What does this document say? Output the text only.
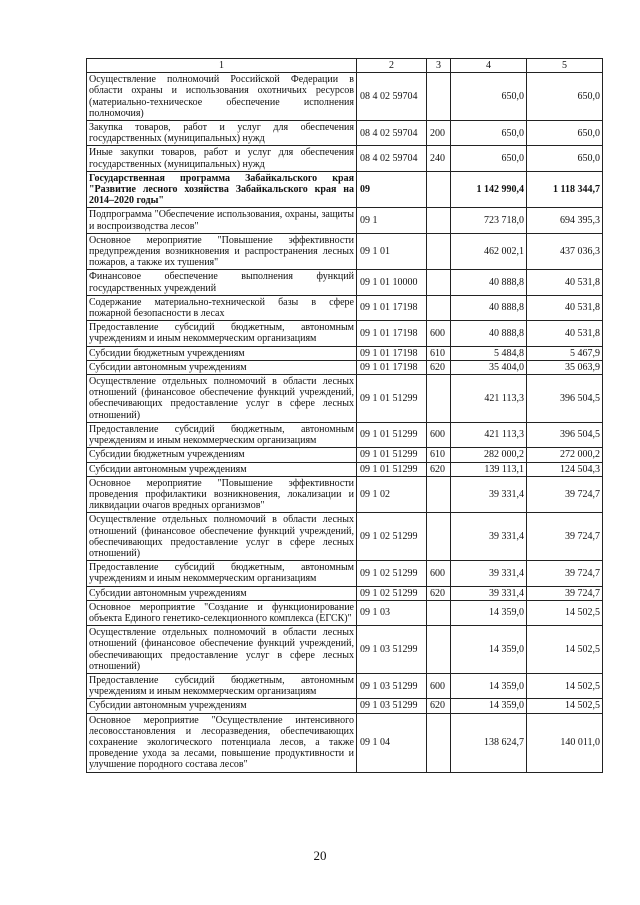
1	2	3	4	5
Осуществление полномочий Российской Федерации в области охраны и использования охотничьих ресурсов (материально-техническое обеспечение исполнения полномочия)	08 4 02 59704		650,0	650,0
Закупка товаров, работ и услуг для обеспечения государственных (муниципальных) нужд	08 4 02 59704	200	650,0	650,0
Иные закупки товаров, работ и услуг для обеспечения государственных (муниципальных) нужд	08 4 02 59704	240	650,0	650,0
Государственная программа Забайкальского края "Развитие лесного хозяйства Забайкальского края на 2014–2020 годы"	09		1 142 990,4	1 118 344,7
Подпрограмма "Обеспечение использования, охраны, защиты и воспроизводства лесов"	09 1		723 718,0	694 395,3
Основное мероприятие "Повышение эффективности предупреждения возникновения и распространения лесных пожаров, а также их тушения"	09 1 01		462 002,1	437 036,3
Финансовое обеспечение выполнения функций государственных учреждений	09 1 01 10000		40 888,8	40 531,8
Содержание материально-технической базы в сфере пожарной безопасности в лесах	09 1 01 17198		40 888,8	40 531,8
Предоставление субсидий бюджетным, автономным учреждениям и иным некоммерческим организациям	09 1 01 17198	600	40 888,8	40 531,8
Субсидии бюджетным учреждениям	09 1 01 17198	610	5 484,8	5 467,9
Субсидии автономным учреждениям	09 1 01 17198	620	35 404,0	35 063,9
Осуществление отдельных полномочий в области лесных отношений (финансовое обеспечение функций учреждений, обеспечивающих предоставление услуг в сфере лесных отношений)	09 1 01 51299		421 113,3	396 504,5
Предоставление субсидий бюджетным, автономным учреждениям и иным некоммерческим организациям	09 1 01 51299	600	421 113,3	396 504,5
Субсидии бюджетным учреждениям	09 1 01 51299	610	282 000,2	272 000,2
Субсидии автономным учреждениям	09 1 01 51299	620	139 113,1	124 504,3
Основное мероприятие "Повышение эффективности проведения профилактики возникновения, локализации и ликвидации очагов вредных организмов"	09 1 02		39 331,4	39 724,7
Осуществление отдельных полномочий в области лесных отношений (финансовое обеспечение функций учреждений, обеспечивающих предоставление услуг в сфере лесных отношений)	09 1 02 51299		39 331,4	39 724,7
Предоставление субсидий бюджетным, автономным учреждениям и иным некоммерческим организациям	09 1 02 51299	600	39 331,4	39 724,7
Субсидии автономным учреждениям	09 1 02 51299	620	39 331,4	39 724,7
Основное мероприятие "Создание и функционирование объекта Единого генетико-селекционного комплекса (ЕГСК)"	09 1 03		14 359,0	14 502,5
Осуществление отдельных полномочий в области лесных отношений (финансовое обеспечение функций учреждений, обеспечивающих предоставление услуг в сфере лесных отношений)	09 1 03 51299		14 359,0	14 502,5
Предоставление субсидий бюджетным, автономным учреждениям и иным некоммерческим организациям	09 1 03 51299	600	14 359,0	14 502,5
Субсидии автономным учреждениям	09 1 03 51299	620	14 359,0	14 502,5
Основное мероприятие "Осуществление интенсивного лесовосстановления и лесоразведения, обеспечивающих сохранение экологического потенциала лесов, а также проведение ухода за лесами, повышение продуктивности и улучшение породного состава лесов"	09 1 04		138 624,7	140 011,0
20
